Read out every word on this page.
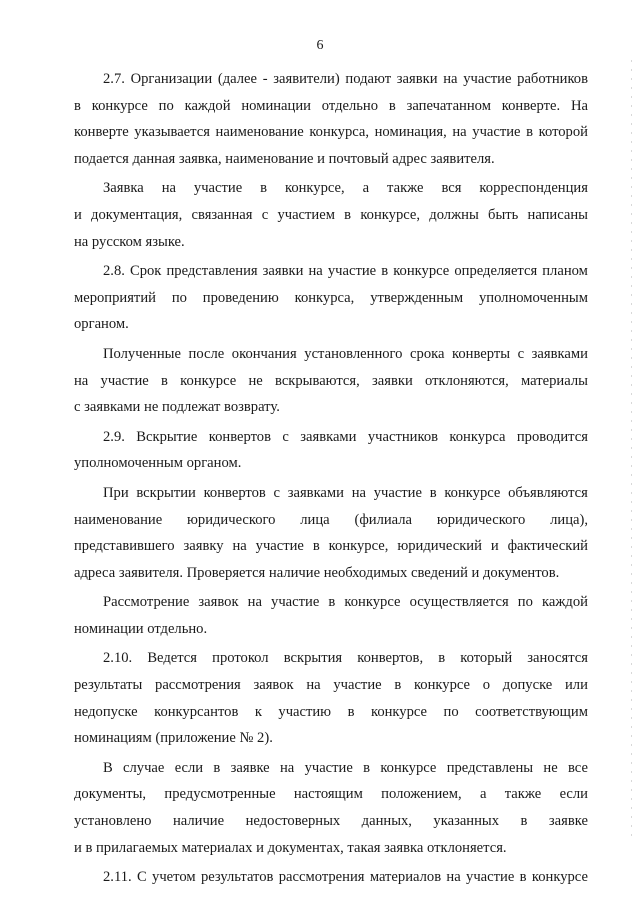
6
2.7. Организации (далее - заявители) подают заявки на участие работников
в конкурсе по каждой номинации отдельно в запечатанном конверте. На
конверте указывается наименование конкурса, номинация, на участие в которой
подается данная заявка, наименование и почтовый адрес заявителя.
Заявка на участие в конкурсе, а также вся корреспонденция
и документация, связанная с участием в конкурсе, должны быть написаны
на русском языке.
2.8. Срок представления заявки на участие в конкурсе определяется планом
мероприятий по проведению конкурса, утвержденным уполномоченным
органом.
Полученные после окончания установленного срока конверты с заявками
на участие в конкурсе не вскрываются, заявки отклоняются, материалы
с заявками не подлежат возврату.
2.9. Вскрытие конвертов с заявками участников конкурса проводится
уполномоченным органом.
При вскрытии конвертов с заявками на участие в конкурсе объявляются
наименование юридического лица (филиала юридического лица),
представившего заявку на участие в конкурсе, юридический и фактический
адреса заявителя. Проверяется наличие необходимых сведений и документов.
Рассмотрение заявок на участие в конкурсе осуществляется по каждой
номинации отдельно.
2.10. Ведется протокол вскрытия конвертов, в который заносятся
результаты рассмотрения заявок на участие в конкурсе о допуске или
недопуске конкурсантов к участию в конкурсе по соответствующим
номинациям (приложение № 2).
В случае если в заявке на участие в конкурсе представлены не все
документы, предусмотренные настоящим положением, а также если
установлено наличие недостоверных данных, указанных в заявке
и в прилагаемых материалах и документах, такая заявка отклоняется.
2.11. С учетом результатов рассмотрения материалов на участие в конкурсе
